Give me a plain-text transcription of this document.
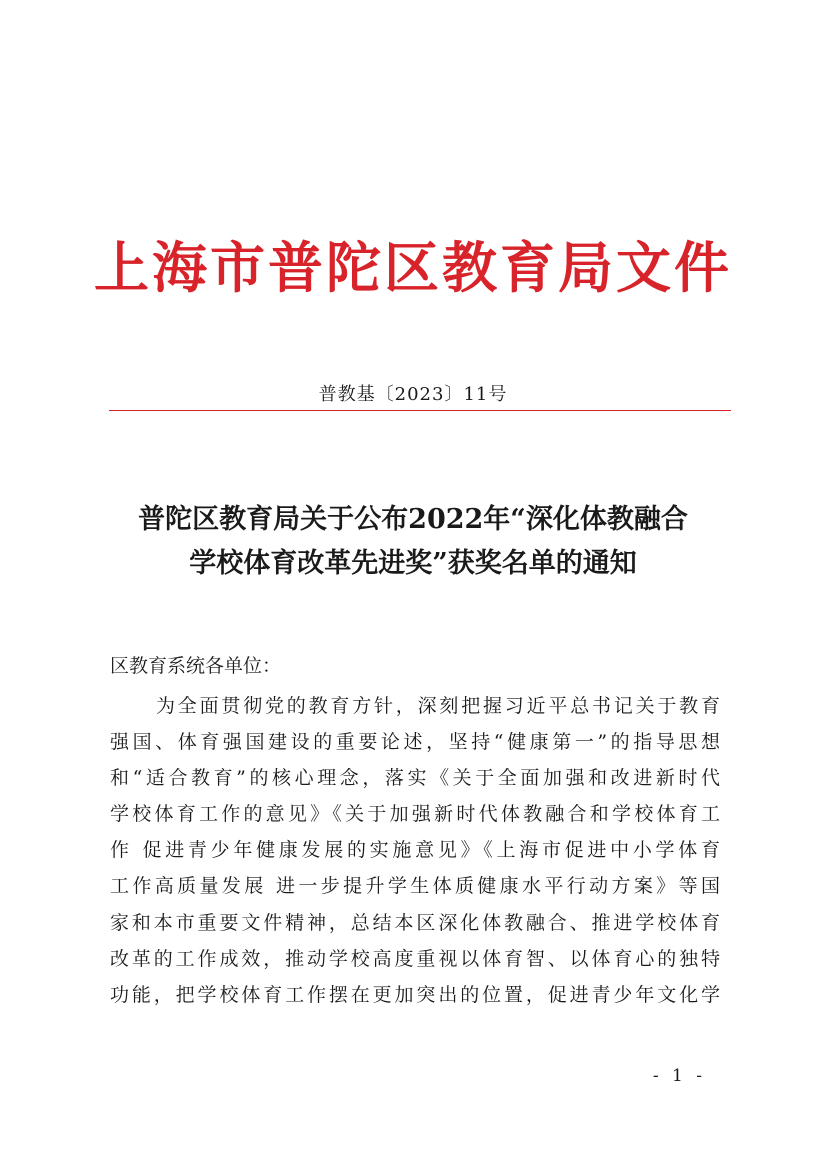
上海市普陀区教育局文件
普教基〔2023〕11号
普陀区教育局关于公布2022年“深化体教融合
学校体育改革先进奖”获奖名单的通知
区教育系统各单位：
为全面贯彻党的教育方针，深刻把握习近平总书记关于教育
强国、体育强国建设的重要论述，坚持“健康第一”的指导思想
和“适合教育”的核心理念，落实《关于全面加强和改进新时代
学校体育工作的意见》《关于加强新时代体教融合和学校体育工
作 促进青少年健康发展的实施意见》《上海市促进中小学体育
工作高质量发展 进一步提升学生体质健康水平行动方案》等国
家和本市重要文件精神，总结本区深化体教融合、推进学校体育
改革的工作成效，推动学校高度重视以体育智、以体育心的独特
功能，把学校体育工作摆在更加突出的位置，促进青少年文化学
- 1 -
